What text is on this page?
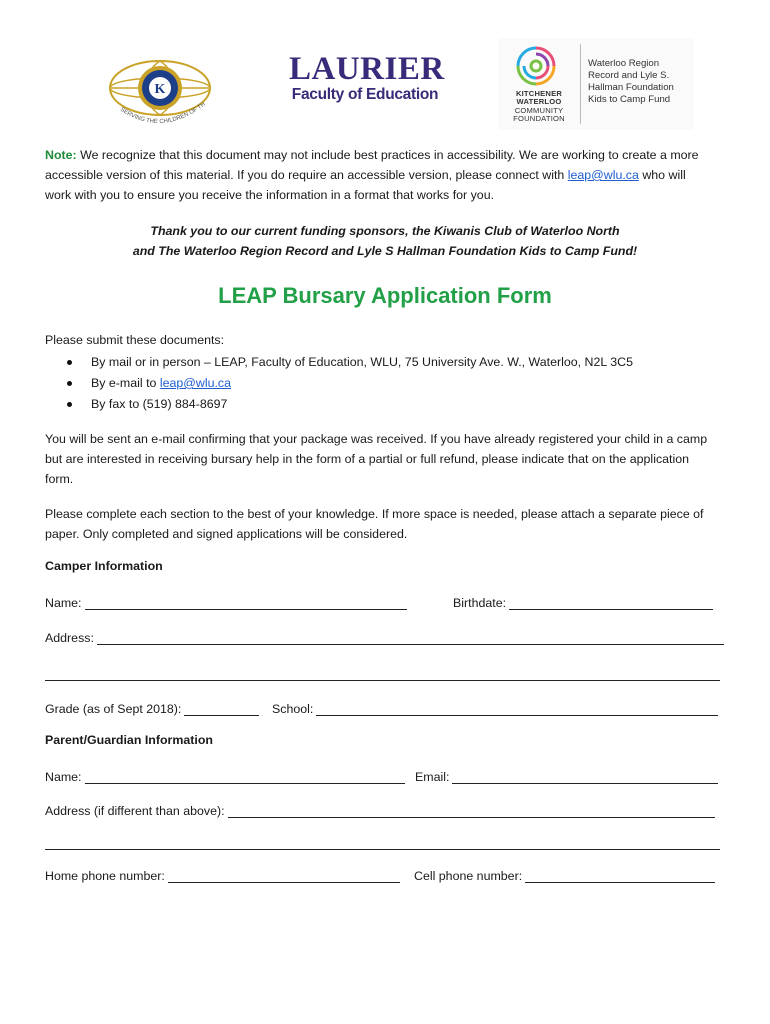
K
SERVING THE CHILDREN OF TH
LAURIER
Faculty of Education	KITCHENER
WATERLOO
COMMUNITY
FOUNDATION
Waterloo Region
Record and Lyle S.
Hallman Foundation
Kids to Camp Fund
Note: We recognize that this document may not include best practices in accessibility. We are working to create a more
accessible version of this material. If you do require an accessible version, please connect with leap@wlu.ca who will
work with you to ensure you receive the information in a format that works for you.
Thank you to our current funding sponsors, the Kiwanis Club of Waterloo North
and The Waterloo Region Record and Lyle S Hallman Foundation Kids to Camp Fund!
LEAP Bursary Application Form
Please submit these documents:
By mail or in person – LEAP, Faculty of Education, WLU, 75 University Ave. W., Waterloo, N2L 3C5
By e-mail to leap@wlu.ca
By fax to (519) 884-8697
You will be sent an e-mail confirming that your package was received. If you have already registered your child in a camp
but are interested in receiving bursary help in the form of a partial or full refund, please indicate that on the application
form.
Please complete each section to the best of your knowledge. If more space is needed, please attach a separate piece of
paper. Only completed and signed applications will be considered.
Camper Information
Name:	Birthdate:
Address:
Grade (as of Sept 2018):	School:
Parent/Guardian Information
Name:	Email:
Address (if different than above):
Home phone number:	Cell phone number:
